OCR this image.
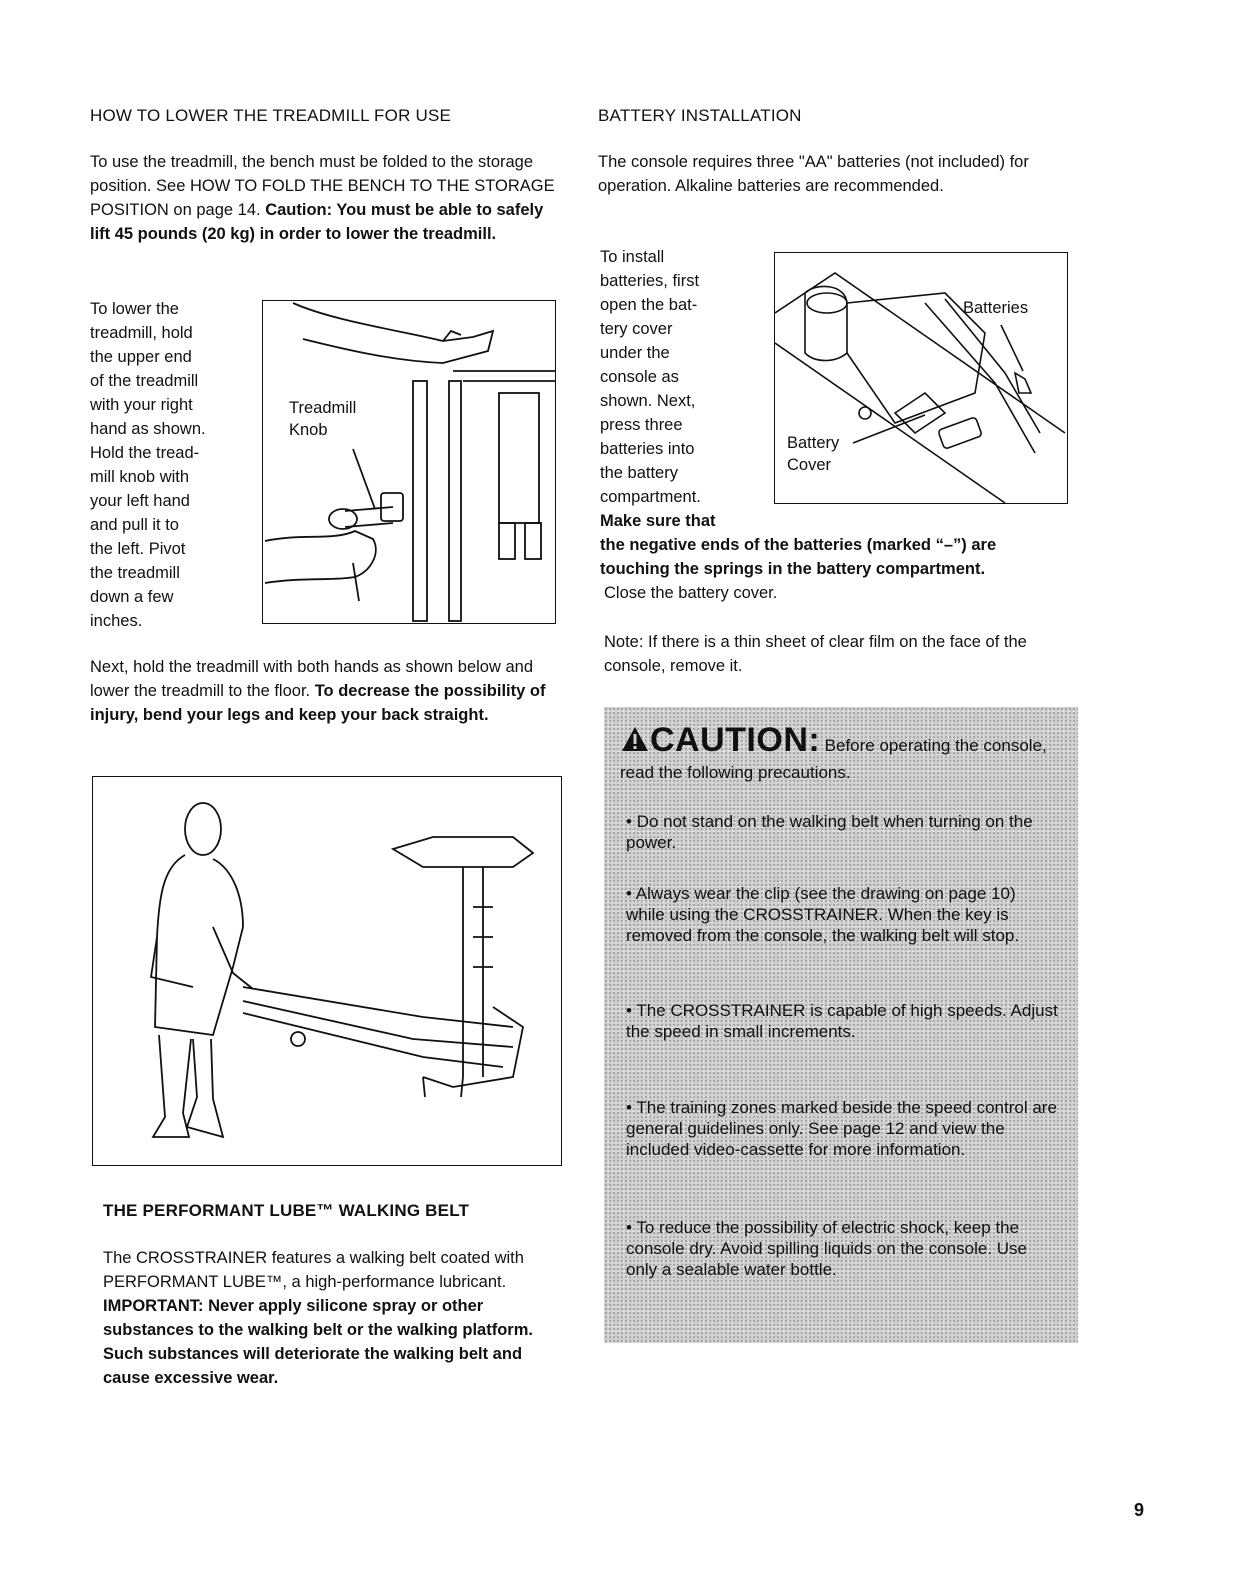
HOW TO LOWER THE TREADMILL FOR USE
To use the treadmill, the bench must be folded to the storage position. See HOW TO FOLD THE BENCH TO THE STORAGE POSITION on page 14. Caution: You must be able to safely lift 45 pounds (20 kg) in order to lower the treadmill.
To lower the
treadmill, hold
the upper end
of the treadmill
with your right
hand as shown.
Hold the tread-
mill knob with
your left hand
and pull it to
the left. Pivot
the treadmill
down a few
inches.
Treadmill
Knob
Next, hold the treadmill with both hands as shown below and lower the treadmill to the floor. To decrease the possibility of injury, bend your legs and keep your back straight.
THE PERFORMANT LUBE™ WALKING BELT
The CROSSTRAINER features a walking belt coated with PERFORMANT LUBE™, a high-performance lubricant. IMPORTANT: Never apply silicone spray or other substances to the walking belt or the walking platform. Such substances will deteriorate the walking belt and cause excessive wear.
BATTERY INSTALLATION
The console requires three "AA" batteries (not included) for operation. Alkaline batteries are recommended.
To install
batteries, first
open the bat-
tery cover
under the
console as
shown. Next,
press three
batteries into
the battery
compartment.
Make sure that
Batteries
Battery
Cover
the negative ends of the batteries (marked “–”) are touching the springs in the battery compartment.
Close the battery cover.
Note: If there is a thin sheet of clear film on the face of the console, remove it.
CAUTION: Before operating the console, read the following precautions.
• Do not stand on the walking belt when turning on the power.
• Always wear the clip (see the drawing on page 10) while using the CROSSTRAINER. When the key is removed from the console, the walking belt will stop.
• The CROSSTRAINER is capable of high speeds. Adjust the speed in small increments.
• The training zones marked beside the speed control are general guidelines only. See page 12 and view the included video-cassette for more information.
• To reduce the possibility of electric shock, keep the console dry. Avoid spilling liquids on the console. Use only a sealable water bottle.
9
